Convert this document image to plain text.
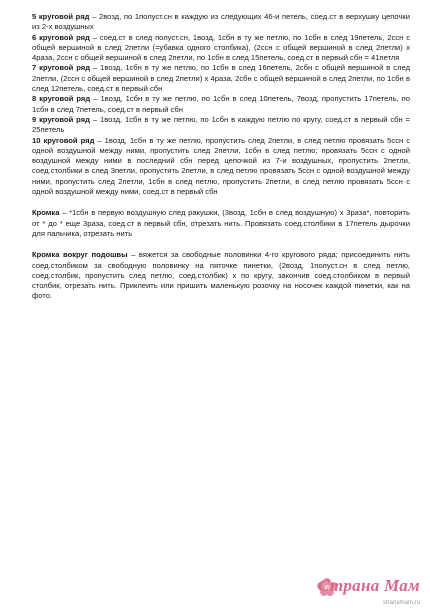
5 круговой ряд – 2возд, по 1полуст.сн в каждую из следующих 46-и петель, соед.ст в верхушку цепочки из 2-х воздушных

6 круговой ряд – соед.ст в след полуст.сн, 1возд, 1сбн в ту же петлю, по 1сбн в след 19петель, 2ссн с общей вершиной в след 2петли (=убавка одного столбика), (2ссн с общей вершиной в след 2петли) х 4раза, 2ссн с общей вершиной в след 2петли, по 1сбн в след 15петель, соед.ст в первый сбн = 41петля

7 круговой ряд – 1возд, 1сбн в ту же петлю, по 1сбн в след 16петель, 2сбн с общей вершиной в след 2петли, (2ссн с общей вершиной в след 2петли) х 4раза, 2сбн с общей вершиной в след 2петли, по 1сбн в след 12петель, соед.ст в первый сбн

8 круговой ряд – 1возд, 1сбн в ту же петлю, по 1сбн в след 10петель, 7возд, пропустить 17петель, по 1сбн в след 7петель, соед.ст в первый сбн

9 круговой ряд – 1возд, 1сбн в ту же петлю, по 1сбн в каждую петлю по кругу, соед.ст в первый сбн = 25петель

10 круговой ряд – 1возд, 1сбн в ту же петлю, пропустить след 2петли, в след петлю провязать 5ссн с одной воздушной между ними, пропустить след 2петли, 1сбн в след петлю; провязать 5ссн с одной воздушной между ними в последний сбн перед цепочкой из 7-и воздушных, пропустить 2петли, соед.столбики в след 3петли, пропустить 2петли, в след петлю провязать 5ссн с одной воздушной между ними, пропустить след 2петли, 1сбн в след петлю, пропустить 2петли, в след петлю провязать 5ссн с одной воздушной между ними, соед.ст в первый сбн

Кромка – *1сбн в первую воздушную след ракушки, (3возд, 1сбн в след воздушную) х 3раза*, повторить от * до * еще 3раза, соед.ст в первый сбн, отрезать нить. Провязать соед.столбики в 17петель дырочки для пальчика, отрезать нить

Кромка вокруг подошвы – вяжется за свободные половинки 4-го кругового ряда; присоединить нить соед.столбиком за свободную половинку на пяточке пинетки, (2возд, 1полуст.сн в след петлю, соед.столбик, пропустить след петлю, соед.столбик) х по кругу, закончив соед.столбиком в первый столбик, отрезать нить. Приклеить или пришить маленькую розочку на носочек каждой пинетки, как на фото.

Страна Мам
stranamam.ru
